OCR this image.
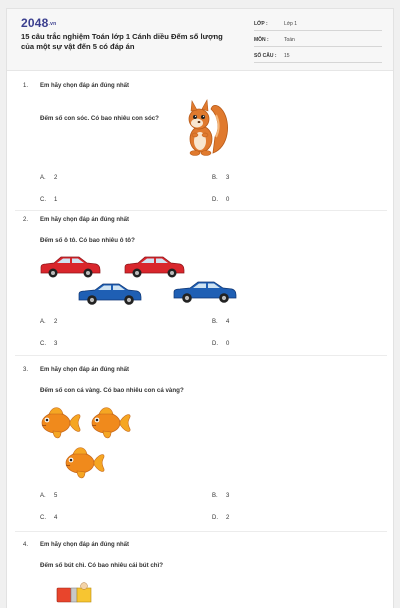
2048.vn
15 câu trắc nghiệm Toán lớp 1 Cánh diều Đếm số lượng của một sự vật đến 5 có đáp án
LỚP :	Lớp 1
MÔN :	Toán
SỐ CÂU :	15
1. Em hãy chọn đáp án đúng nhất
Đếm số con sóc. Có bao nhiêu con sóc?
A.	2	B.	3
C.	1	D.	0
2. Em hãy chọn đáp án đúng nhất
Đếm số ô tô. Có bao nhiêu ô tô?
A.	2	B.	4
C.	3	D.	0
3. Em hãy chọn đáp án đúng nhất
Đếm số con cá vàng. Có bao nhiêu con cá vàng?
A.	5	B.	3
C.	4	D.	2
4. Em hãy chọn đáp án đúng nhất
Đếm số bút chì. Có bao nhiêu cái bút chì?
